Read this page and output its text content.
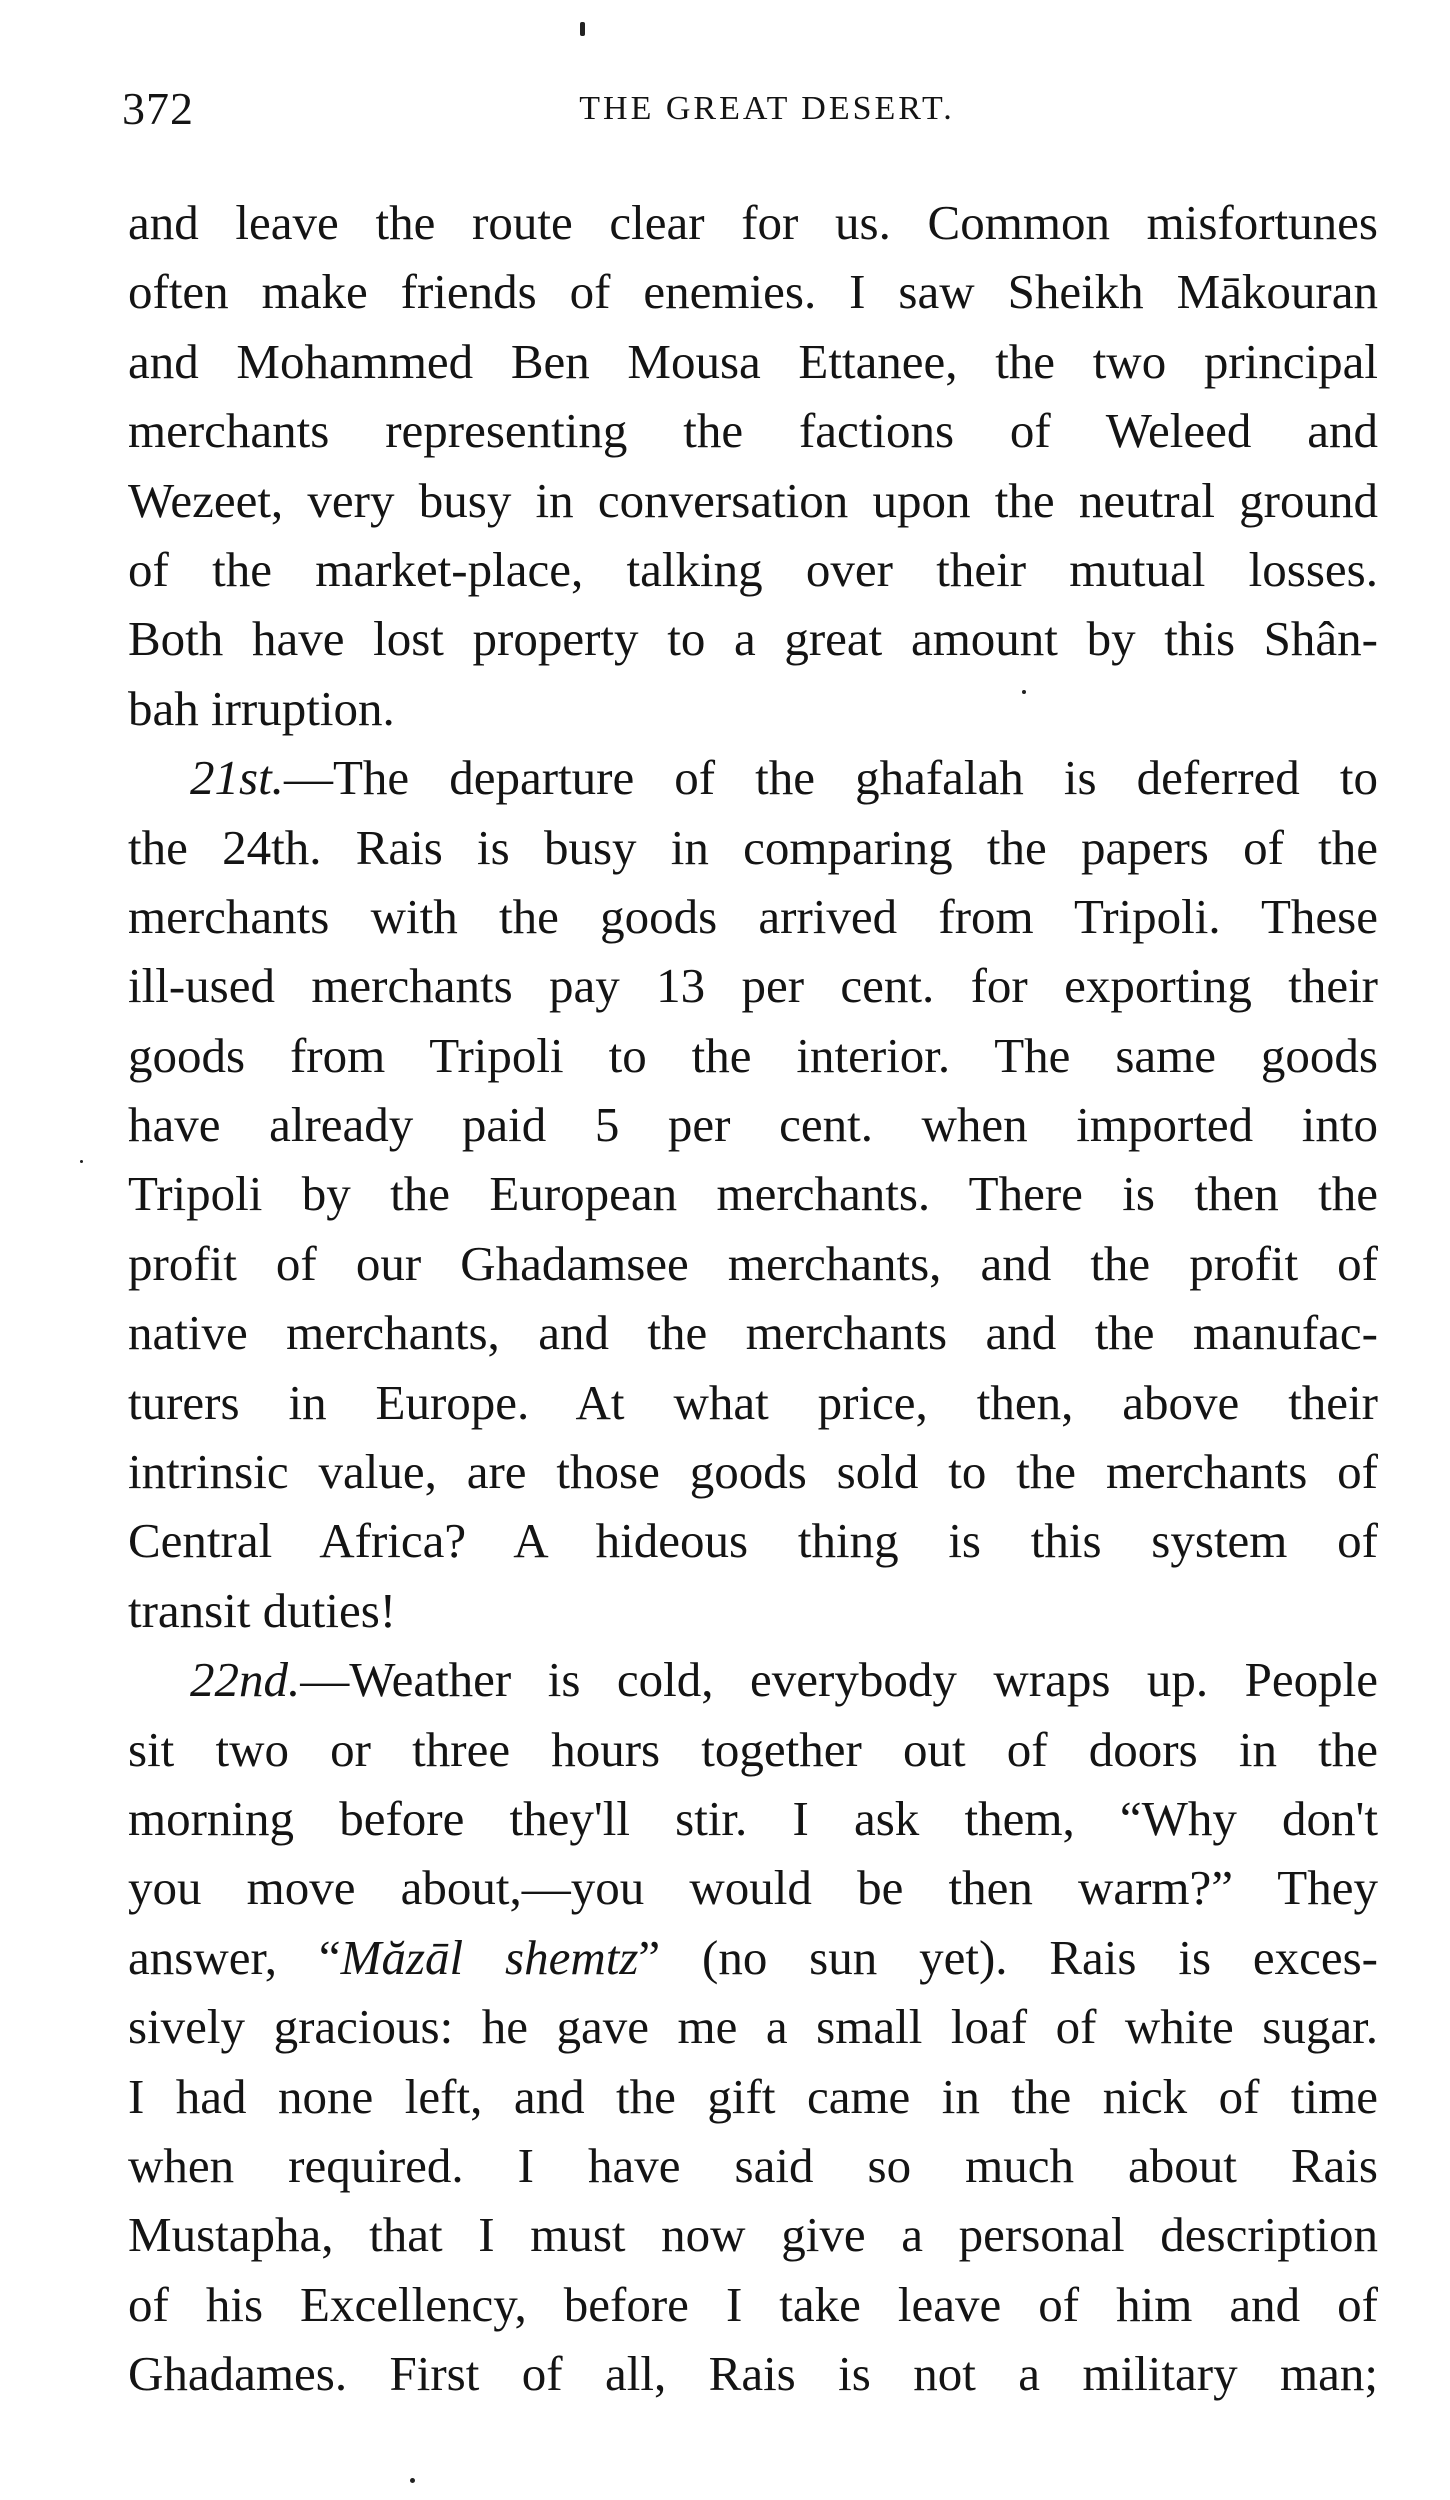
372	THE GREAT DESERT.
and leave the route clear for us. Common misfortunes
often make friends of enemies. I saw Sheikh Mākouran
and Mohammed Ben Mousa Ettanee, the two principal
merchants representing the factions of Weleed and
Wezeet, very busy in conversation upon the neutral ground
of the market-place, talking over their mutual losses.
Both have lost property to a great amount by this Shân-
bah irruption.
21st.—The departure of the ghafalah is deferred to
the 24th. Rais is busy in comparing the papers of the
merchants with the goods arrived from Tripoli. These
ill-used merchants pay 13 per cent. for exporting their
goods from Tripoli to the interior. The same goods
have already paid 5 per cent. when imported into
Tripoli by the European merchants. There is then the
profit of our Ghadamsee merchants, and the profit of
native merchants, and the merchants and the manufac-
turers in Europe. At what price, then, above their
intrinsic value, are those goods sold to the merchants of
Central Africa? A hideous thing is this system of
transit duties!
22nd.—Weather is cold, everybody wraps up. People
sit two or three hours together out of doors in the
morning before they'll stir. I ask them, “Why don't
you move about,—you would be then warm?” They
answer, “Măzāl shemtz” (no sun yet). Rais is exces-
sively gracious: he gave me a small loaf of white sugar.
I had none left, and the gift came in the nick of time
when required. I have said so much about Rais
Mustapha, that I must now give a personal description
of his Excellency, before I take leave of him and of
Ghadames. First of all, Rais is not a military man;
